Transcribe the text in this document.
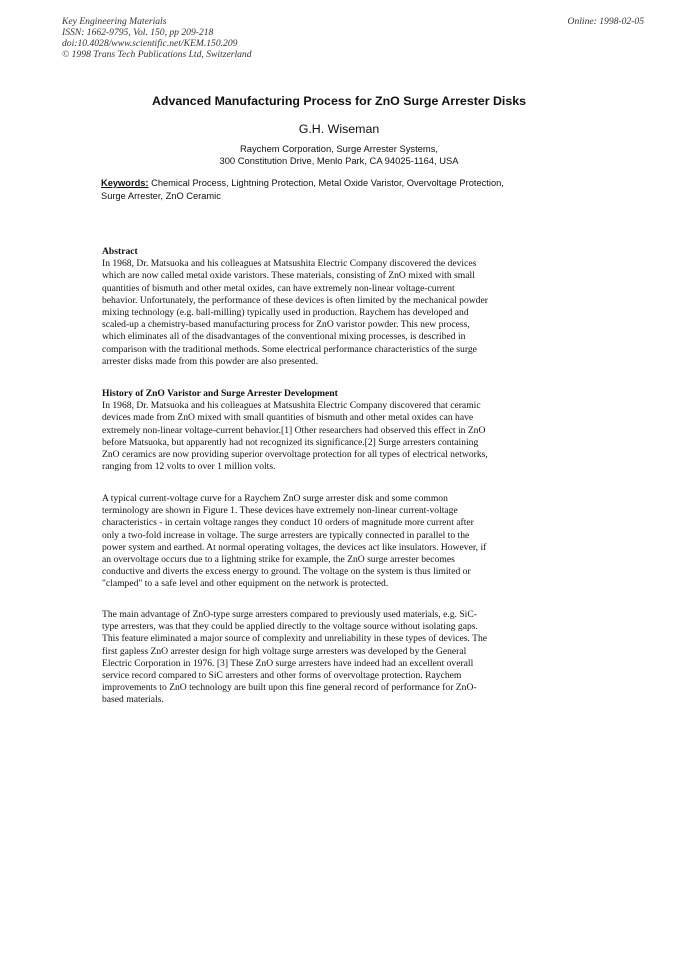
Key Engineering Materials
ISSN: 1662-9795, Vol. 150, pp 209-218
doi:10.4028/www.scientific.net/KEM.150.209
© 1998 Trans Tech Publications Ltd, Switzerland
Online: 1998-02-05
Advanced Manufacturing Process for ZnO Surge Arrester Disks
G.H. Wiseman
Raychem Corporation, Surge Arrester Systems,
300 Constitution Drive, Menlo Park, CA 94025-1164, USA
Keywords: Chemical Process, Lightning Protection, Metal Oxide Varistor, Overvoltage Protection,
Surge Arrester, ZnO Ceramic
Abstract
In 1968, Dr. Matsuoka and his colleagues at Matsushita Electric Company discovered the devices
which are now called metal oxide varistors. These materials, consisting of ZnO mixed with small
quantities of bismuth and other metal oxides, can have extremely non-linear voltage-current
behavior. Unfortunately, the performance of these devices is often limited by the mechanical powder
mixing technology (e.g. ball-milling) typically used in production. Raychem has developed and
scaled-up a chemistry-based manufacturing process for ZnO varistor powder. This new process,
which eliminates all of the disadvantages of the conventional mixing processes, is described in
comparison with the traditional methods. Some electrical performance characteristics of the surge
arrester disks made from this powder are also presented.
History of ZnO Varistor and Surge Arrester Development
In 1968, Dr. Matsuoka and his colleagues at Matsushita Electric Company discovered that ceramic
devices made from ZnO mixed with small quantities of bismuth and other metal oxides can have
extremely non-linear voltage-current behavior.[1] Other researchers had observed this effect in ZnO
before Matsuoka, but apparently had not recognized its significance.[2] Surge arresters containing
ZnO ceramics are now providing superior overvoltage protection for all types of electrical networks,
ranging from 12 volts to over 1 million volts.
A typical current-voltage curve for a Raychem ZnO surge arrester disk and some common
terminology are shown in Figure 1. These devices have extremely non-linear current-voltage
characteristics - in certain voltage ranges they conduct 10 orders of magnitude more current after
only a two-fold increase in voltage. The surge arresters are typically connected in parallel to the
power system and earthed. At normal operating voltages, the devices act like insulators. However, if
an overvoltage occurs due to a lightning strike for example, the ZnO surge arrester becomes
conductive and diverts the excess energy to ground. The voltage on the system is thus limited or
"clamped" to a safe level and other equipment on the network is protected.
The main advantage of ZnO-type surge arresters compared to previously used materials, e.g. SiC-
type arresters, was that they could be applied directly to the voltage source without isolating gaps.
This feature eliminated a major source of complexity and unreliability in these types of devices. The
first gapless ZnO arrester design for high voltage surge arresters was developed by the General
Electric Corporation in 1976. [3] These ZnO surge arresters have indeed had an excellent overall
service record compared to SiC arresters and other forms of overvoltage protection. Raychem
improvements to ZnO technology are built upon this fine general record of performance for ZnO-
based materials.
